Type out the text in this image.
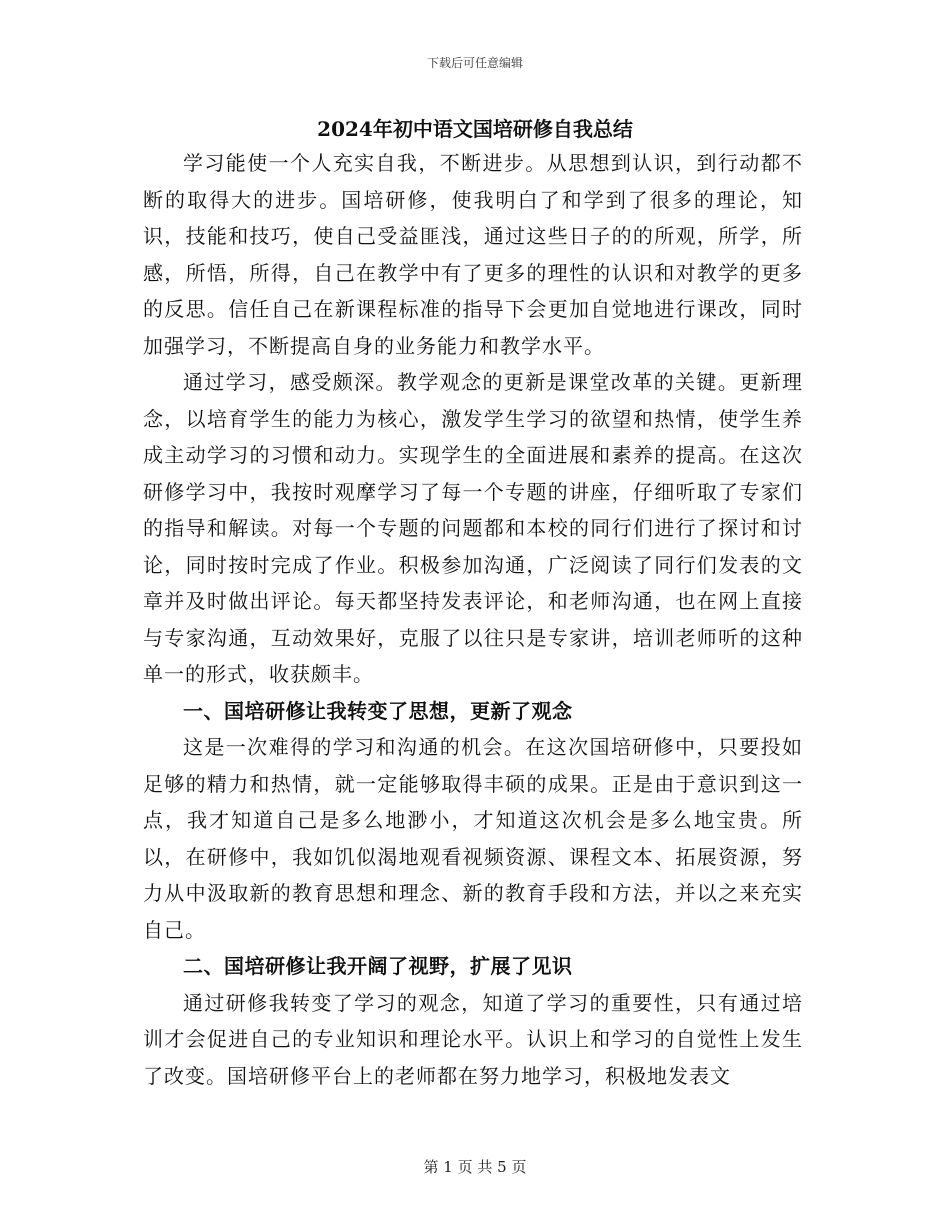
下载后可任意编辑
2024年初中语文国培研修自我总结

学习能使一个人充实自我，不断进步。从思想到认识，到行动都不断的取得大的进步。国培研修，使我明白了和学到了很多的理论，知识，技能和技巧，使自己受益匪浅，通过这些日子的的所观，所学，所感，所悟，所得，自己在教学中有了更多的理性的认识和对教学的更多的反思。信任自己在新课程标准的指导下会更加自觉地进行课改，同时加强学习，不断提高自身的业务能力和教学水平。

通过学习，感受颇深。教学观念的更新是课堂改革的关键。更新理念，以培育学生的能力为核心，激发学生学习的欲望和热情，使学生养成主动学习的习惯和动力。实现学生的全面进展和素养的提高。在这次研修学习中，我按时观摩学习了每一个专题的讲座，仔细听取了专家们的指导和解读。对每一个专题的问题都和本校的同行们进行了探讨和讨论，同时按时完成了作业。积极参加沟通，广泛阅读了同行们发表的文章并及时做出评论。每天都坚持发表评论，和老师沟通，也在网上直接与专家沟通，互动效果好，克服了以往只是专家讲，培训老师听的这种单一的形式，收获颇丰。

一、国培研修让我转变了思想，更新了观念

这是一次难得的学习和沟通的机会。在这次国培研修中，只要投如足够的精力和热情，就一定能够取得丰硕的成果。正是由于意识到这一点，我才知道自己是多么地渺小，才知道这次机会是多么地宝贵。所以，在研修中，我如饥似渴地观看视频资源、课程文本、拓展资源，努力从中汲取新的教育思想和理念、新的教育手段和方法，并以之来充实自己。

二、国培研修让我开阔了视野，扩展了见识

通过研修我转变了学习的观念，知道了学习的重要性，只有通过培训才会促进自己的专业知识和理论水平。认识上和学习的自觉性上发生了改变。国培研修平台上的老师都在努力地学习，积极地发表文

第 1 页 共 5 页
